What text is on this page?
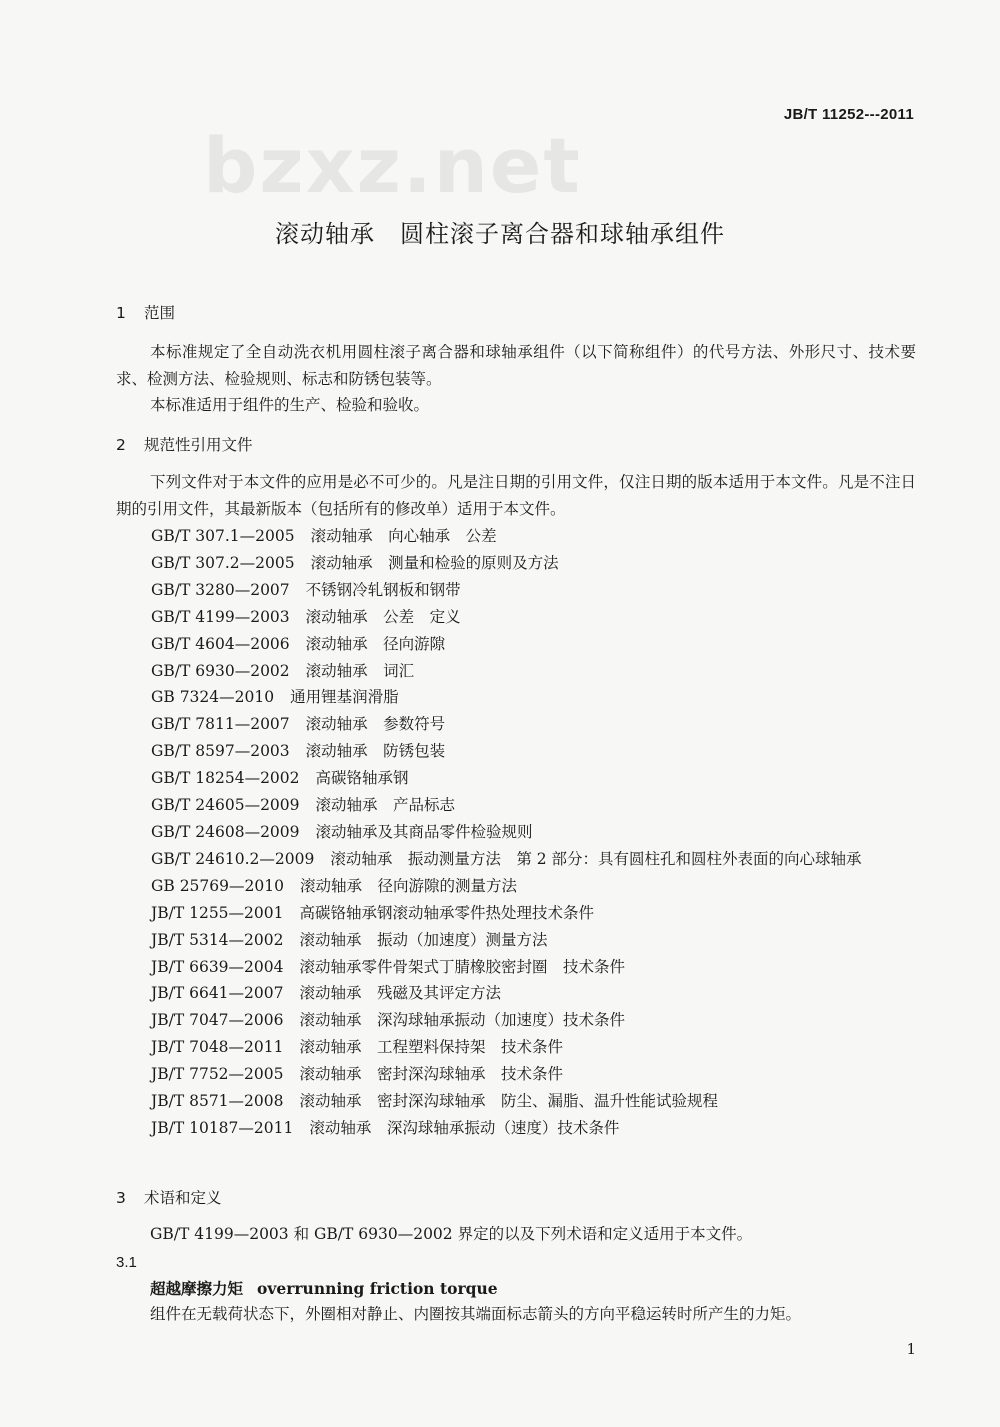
JB/T 11252---2011
bzxz.net
滚动轴承　圆柱滚子离合器和球轴承组件
1 范围
本标准规定了全自动洗衣机用圆柱滚子离合器和球轴承组件（以下简称组件）的代号方法、外形尺寸、技术要求、检测方法、检验规则、标志和防锈包装等。
本标准适用于组件的生产、检验和验收。
2 规范性引用文件
下列文件对于本文件的应用是必不可少的。凡是注日期的引用文件，仅注日期的版本适用于本文件。凡是不注日期的引用文件，其最新版本（包括所有的修改单）适用于本文件。
GB/T 307.1—2005 滚动轴承　向心轴承　公差
GB/T 307.2—2005 滚动轴承　测量和检验的原则及方法
GB/T 3280—2007 不锈钢冷轧钢板和钢带
GB/T 4199—2003 滚动轴承　公差　定义
GB/T 4604—2006 滚动轴承　径向游隙
GB/T 6930—2002 滚动轴承　词汇
GB 7324—2010 通用锂基润滑脂
GB/T 7811—2007 滚动轴承　参数符号
GB/T 8597—2003 滚动轴承　防锈包装
GB/T 18254—2002 高碳铬轴承钢
GB/T 24605—2009 滚动轴承　产品标志
GB/T 24608—2009 滚动轴承及其商品零件检验规则
GB/T 24610.2—2009 滚动轴承　振动测量方法　第 2 部分：具有圆柱孔和圆柱外表面的向心球轴承
GB 25769—2010 滚动轴承　径向游隙的测量方法
JB/T 1255—2001 高碳铬轴承钢滚动轴承零件热处理技术条件
JB/T 5314—2002 滚动轴承　振动（加速度）测量方法
JB/T 6639—2004 滚动轴承零件骨架式丁腈橡胶密封圈　技术条件
JB/T 6641—2007 滚动轴承　残磁及其评定方法
JB/T 7047—2006 滚动轴承　深沟球轴承振动（加速度）技术条件
JB/T 7048—2011 滚动轴承　工程塑料保持架　技术条件
JB/T 7752—2005 滚动轴承　密封深沟球轴承　技术条件
JB/T 8571—2008 滚动轴承　密封深沟球轴承　防尘、漏脂、温升性能试验规程
JB/T 10187—2011 滚动轴承　深沟球轴承振动（速度）技术条件
3 术语和定义
GB/T 4199—2003 和 GB/T 6930—2002 界定的以及下列术语和定义适用于本文件。
3.1
超越摩擦力矩 overrunning friction torque
组件在无载荷状态下，外圈相对静止、内圈按其端面标志箭头的方向平稳运转时所产生的力矩。
1
